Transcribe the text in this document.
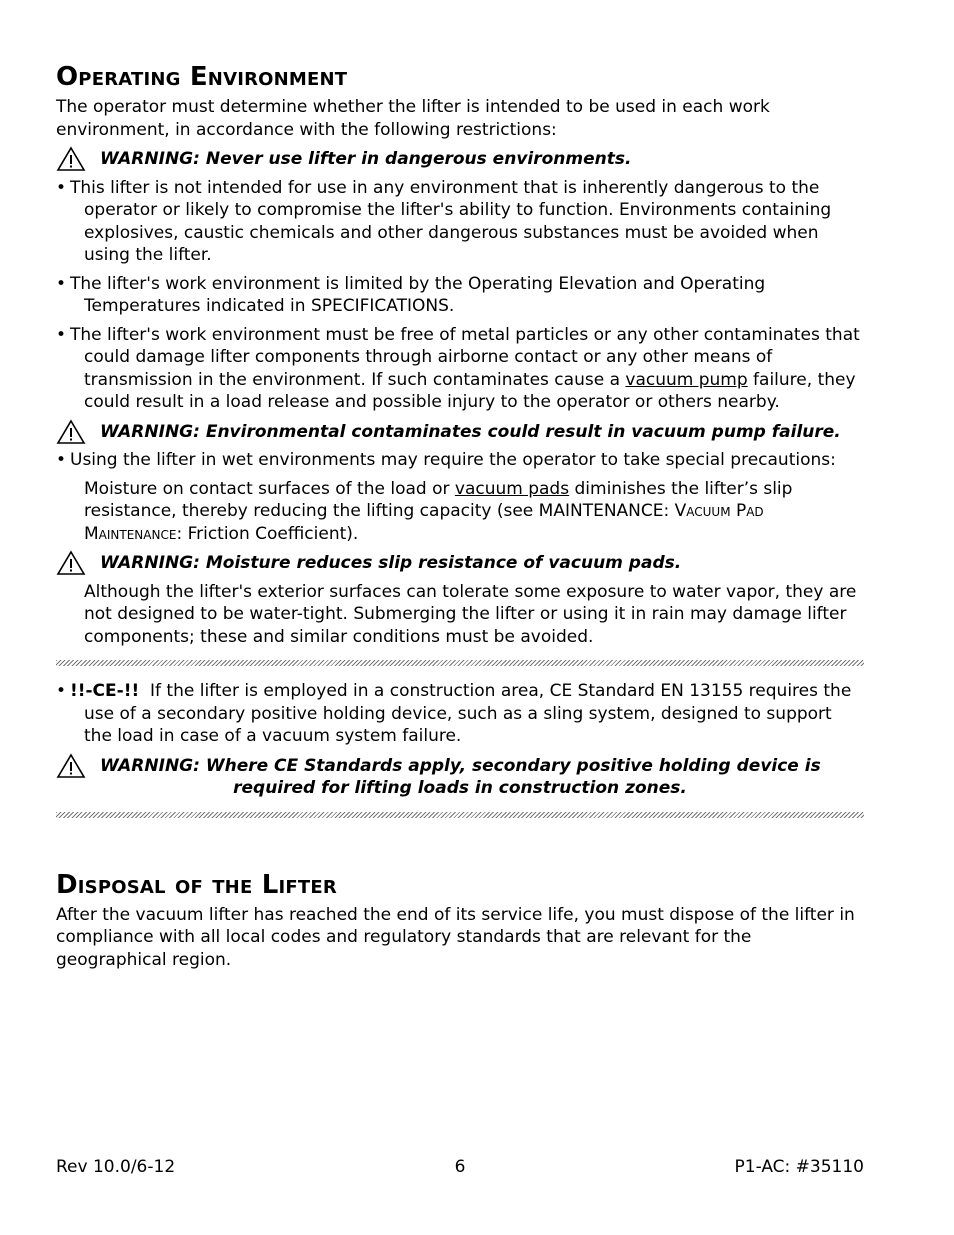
Operating Environment

The operator must determine whether the lifter is intended to be used in each work environment, in accordance with the following restrictions:

WARNING: Never use lifter in dangerous environments.

• This lifter is not intended for use in any environment that is inherently dangerous to the operator or likely to compromise the lifter's ability to function. Environments containing explosives, caustic chemicals and other dangerous substances must be avoided when using the lifter.

• The lifter's work environment is limited by the Operating Elevation and Operating Temperatures indicated in SPECIFICATIONS.

• The lifter's work environment must be free of metal particles or any other contaminates that could damage lifter components through airborne contact or any other means of transmission in the environment. If such contaminates cause a vacuum pump failure, they could result in a load release and possible injury to the operator or others nearby.

WARNING: Environmental contaminates could result in vacuum pump failure.

• Using the lifter in wet environments may require the operator to take special precautions:

Moisture on contact surfaces of the load or vacuum pads diminishes the lifter’s slip resistance, thereby reducing the lifting capacity (see MAINTENANCE: Vacuum Pad Maintenance: Friction Coefficient).

WARNING: Moisture reduces slip resistance of vacuum pads.

Although the lifter's exterior surfaces can tolerate some exposure to water vapor, they are not designed to be water-tight. Submerging the lifter or using it in rain may damage lifter components; these and similar conditions must be avoided.

• !!-CE-!!  If the lifter is employed in a construction area, CE Standard EN 13155 requires the use of a secondary positive holding device, such as a sling system, designed to support the load in case of a vacuum system failure.

WARNING: Where CE Standards apply, secondary positive holding device is
required for lifting loads in construction zones.
Disposal of the Lifter

After the vacuum lifter has reached the end of its service life, you must dispose of the lifter in compliance with all local codes and regulatory standards that are relevant for the geographical region.

Rev 10.0/6-12	6	P1-AC: #35110
